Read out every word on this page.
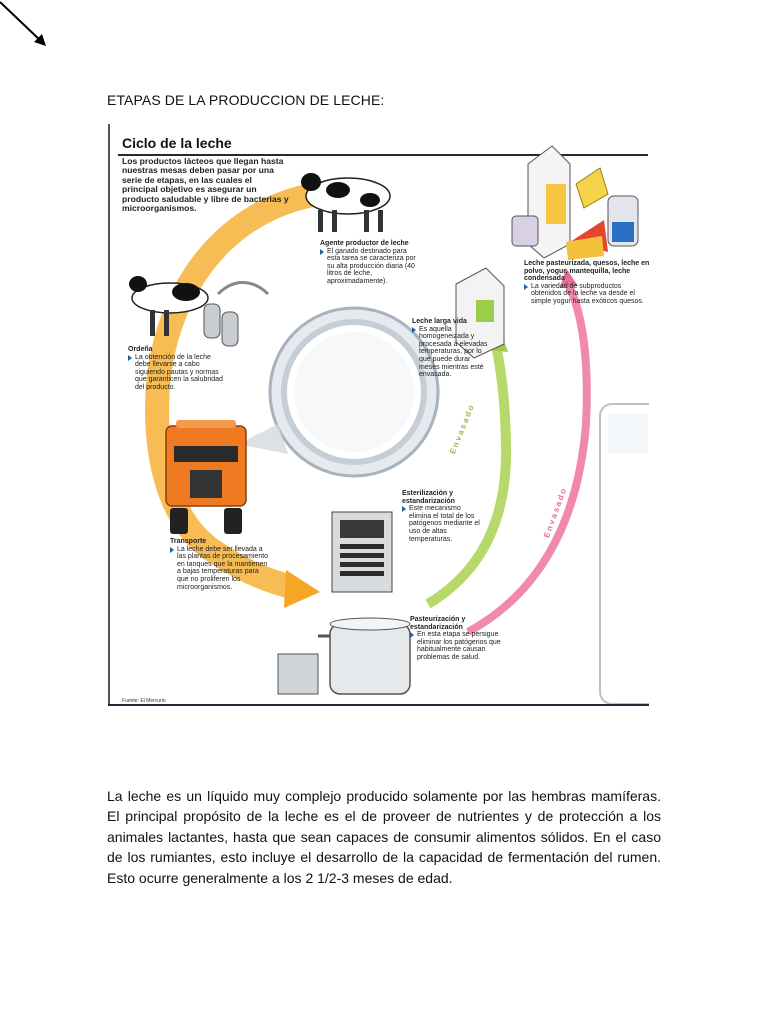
ETAPAS DE LA PRODUCCION DE LECHE:
Ciclo de la leche
Los productos lácteos que llegan hasta nuestras mesas deben pasar por una serie de etapas, en las cuales el principal objetivo es asegurar un producto saludable y libre de bacterias y microorganismos.
Agente productor de leche
El ganado destinado para esta tarea se caracteriza por su alta producción diaria (40 litros de leche, aproximadamente).
Ordeña
La obtención de la leche debe llevarse a cabo siguiendo pautas y normas que garanticen la salubridad del producto.
Transporte
La leche debe ser llevada a las plantas de procesamiento en tanques que la mantienen a bajas temperaturas para que no proliferen los microorganismos.
Esterilización y estandarización
Este mecanismo elimina el total de los patógenos mediante el uso de altas temperaturas.
Pasteurización y estandarización
En esta etapa se persigue eliminar los patógenos que habitualmente causan problemas de salud.
Leche larga vida
Es aquella homogeneizada y procesada a elevadas temperaturas, por lo que puede durar meses mientras esté envasada.
Leche pasteurizada, quesos, leche en polvo, yogur, mantequilla, leche condensada
La variedad de subproductos obtenidos de la leche va desde el simple yogur hasta exóticos quesos.
Envasado
Envasado
Fuente: El Mercurio
La leche es un líquido muy complejo producido solamente por las hembras mamíferas. El principal propósito de la leche es el de proveer de nutrientes y de protección a los animales lactantes, hasta que sean capaces de consumir alimentos sólidos. En el caso de los rumiantes, esto incluye el desarrollo de la capacidad de fermentación del rumen. Esto ocurre generalmente a los 2 1/2-3 meses de edad.
